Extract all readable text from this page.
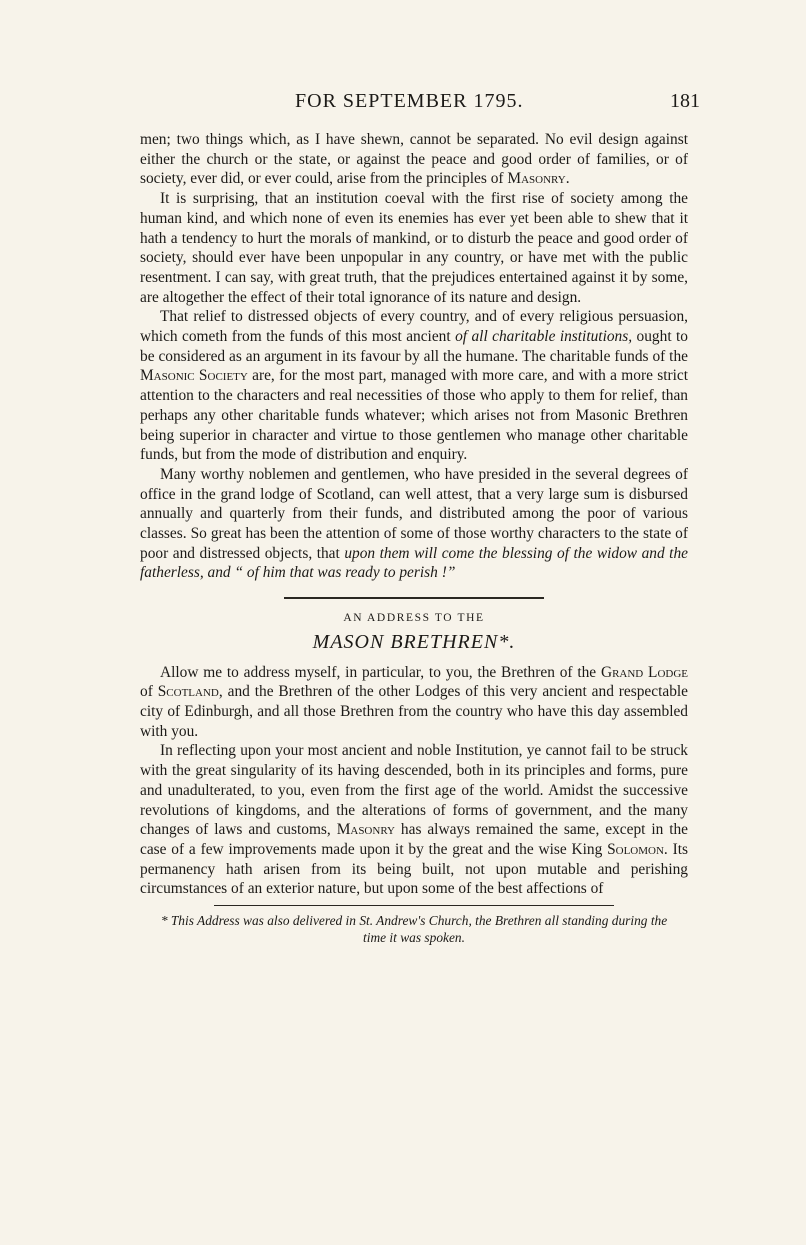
FOR SEPTEMBER 1795.	181

men; two things which, as I have shewn, cannot be separated. No evil design against either the church or the state, or against the peace and good order of families, or of society, ever did, or ever could, arise from the principles of Masonry.

It is surprising, that an institution coeval with the first rise of society among the human kind, and which none of even its enemies has ever yet been able to shew that it hath a tendency to hurt the morals of mankind, or to disturb the peace and good order of society, should ever have been unpopular in any country, or have met with the public resentment. I can say, with great truth, that the prejudices entertained against it by some, are altogether the effect of their total ignorance of its nature and design.

That relief to distressed objects of every country, and of every religious persuasion, which cometh from the funds of this most ancient of all charitable institutions, ought to be considered as an argument in its favour by all the humane. The charitable funds of the Masonic Society are, for the most part, managed with more care, and with a more strict attention to the characters and real necessities of those who apply to them for relief, than perhaps any other charitable funds whatever; which arises not from Masonic Brethren being superior in character and virtue to those gentlemen who manage other charitable funds, but from the mode of distribution and enquiry.

Many worthy noblemen and gentlemen, who have presided in the several degrees of office in the grand lodge of Scotland, can well attest, that a very large sum is disbursed annually and quarterly from their funds, and distributed among the poor of various classes. So great has been the attention of some of those worthy characters to the state of poor and distressed objects, that upon them will come the blessing of the widow and the fatherless, and “ of him that was ready to perish !”

AN ADDRESS TO THE
MASON BRETHREN*.

Allow me to address myself, in particular, to you, the Brethren of the Grand Lodge of Scotland, and the Brethren of the other Lodges of this very ancient and respectable city of Edinburgh, and all those Brethren from the country who have this day assembled with you.

In reflecting upon your most ancient and noble Institution, ye cannot fail to be struck with the great singularity of its having descended, both in its principles and forms, pure and unadulterated, to you, even from the first age of the world. Amidst the successive revolutions of kingdoms, and the alterations of forms of government, and the many changes of laws and customs, Masonry has always remained the same, except in the case of a few improvements made upon it by the great and the wise King Solomon. Its permanency hath arisen from its being built, not upon mutable and perishing circumstances of an exterior nature, but upon some of the best affections of

* This Address was also delivered in St. Andrew's Church, the Brethren all standing during the time it was spoken.
